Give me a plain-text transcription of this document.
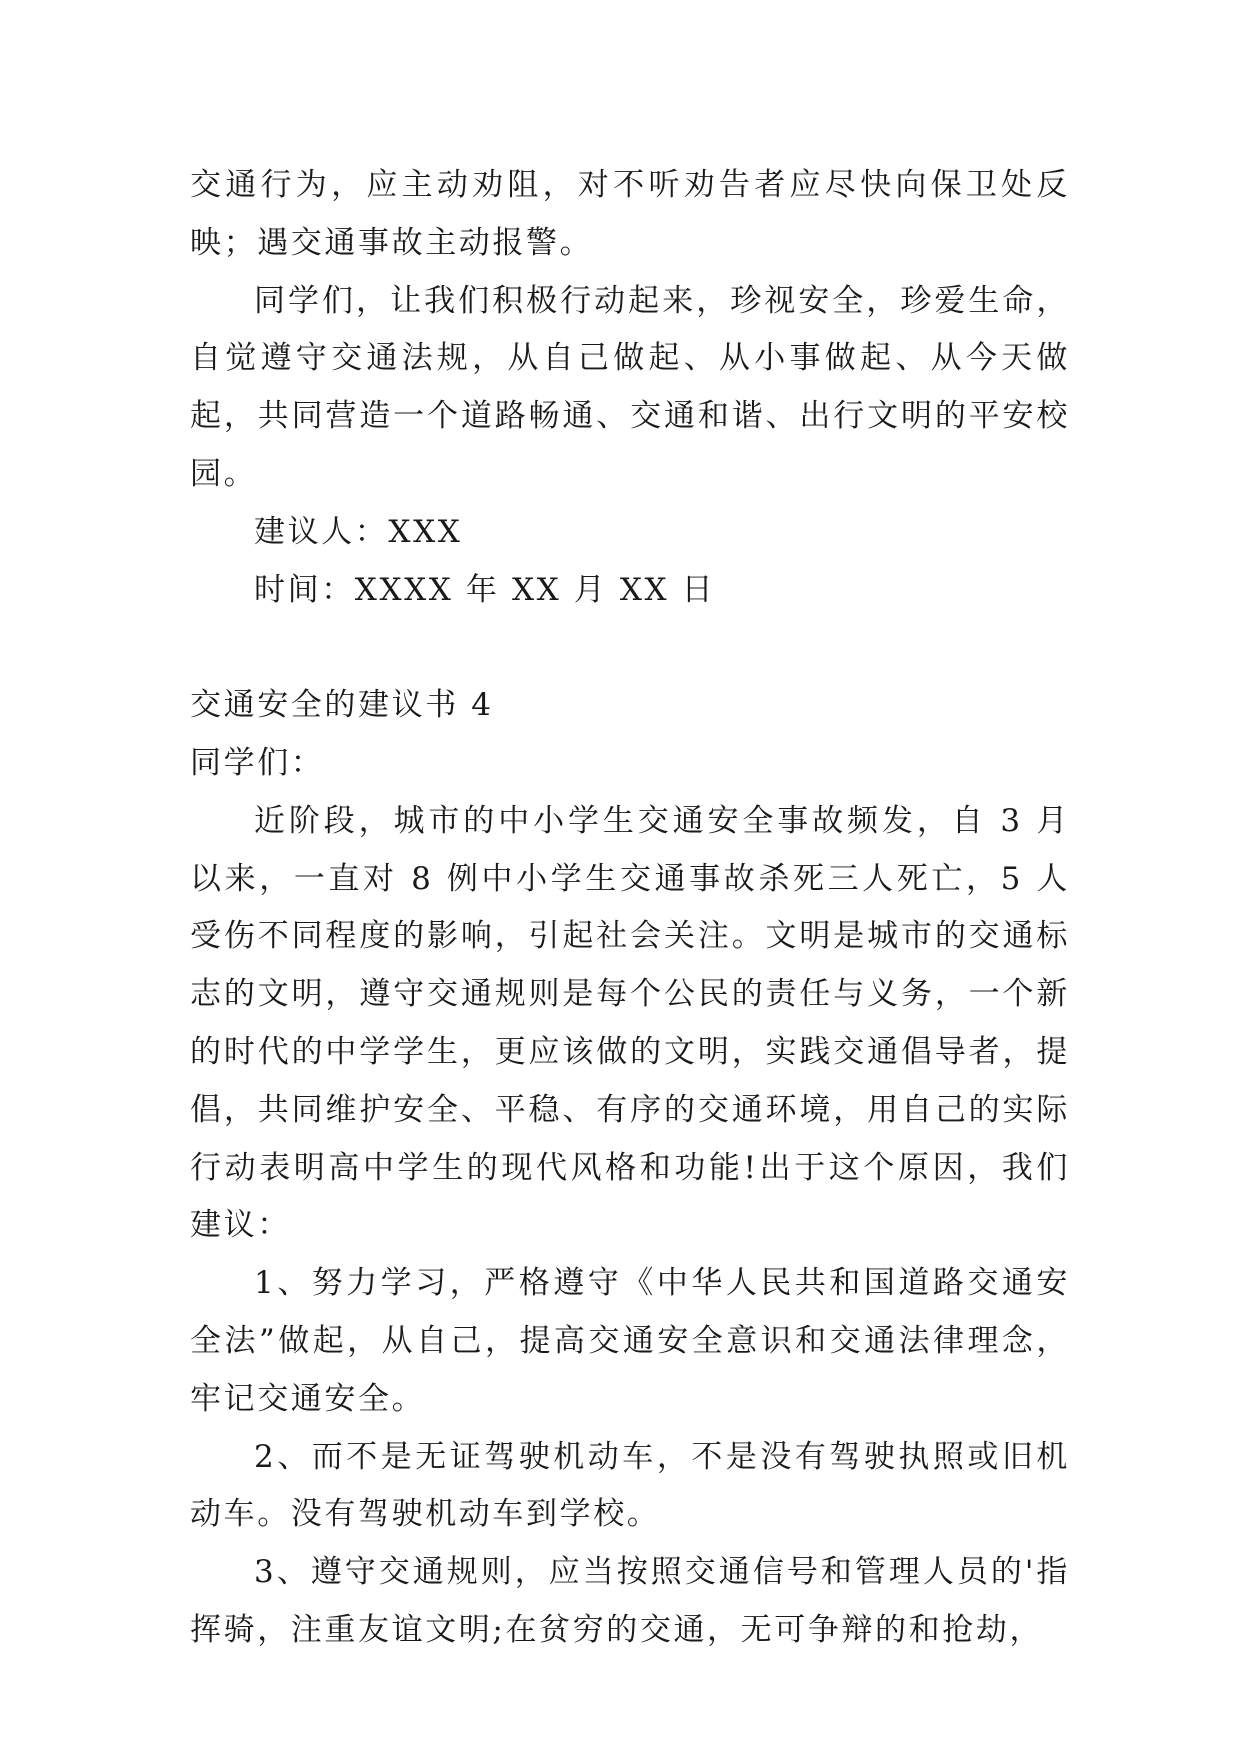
交通行为，应主动劝阻，对不听劝告者应尽快向保卫处反映；遇交通事故主动报警。

同学们，让我们积极行动起来，珍视安全，珍爱生命，自觉遵守交通法规，从自己做起、从小事做起、从今天做起，共同营造一个道路畅通、交通和谐、出行文明的平安校园。

建议人：XXX

时间：XXXX 年 XX 月 XX 日

交通安全的建议书 4

同学们：

近阶段，城市的中小学生交通安全事故频发，自 3 月以来，一直对 8 例中小学生交通事故杀死三人死亡，5 人受伤不同程度的影响，引起社会关注。文明是城市的交通标志的文明，遵守交通规则是每个公民的责任与义务，一个新的时代的中学学生，更应该做的文明，实践交通倡导者，提倡，共同维护安全、平稳、有序的交通环境，用自己的实际行动表明高中学生的现代风格和功能!出于这个原因，我们建议：

1、努力学习，严格遵守《中华人民共和国道路交通安全法”做起，从自己，提高交通安全意识和交通法律理念，牢记交通安全。

2、而不是无证驾驶机动车，不是没有驾驶执照或旧机动车。没有驾驶机动车到学校。

3、遵守交通规则，应当按照交通信号和管理人员的'指挥骑，注重友谊文明;在贫穷的交通，无可争辩的和抢劫，
